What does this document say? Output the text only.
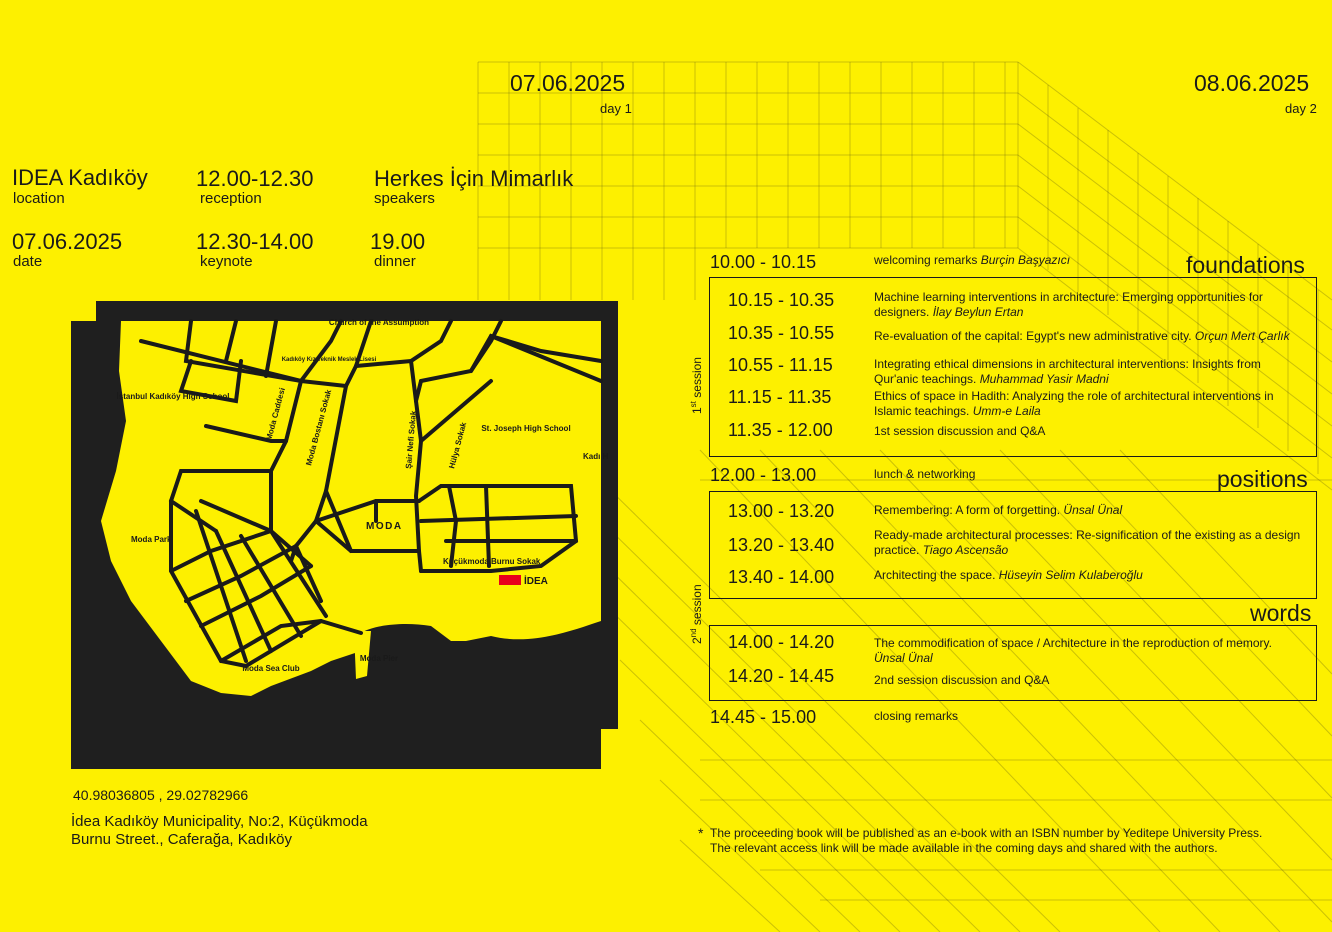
07.06.2025
day 1
08.06.2025
day 2
IDEA Kadıköy
location
12.00-12.30
reception
Herkes İçin Mimarlık
speakers
07.06.2025
date
12.30-14.00
keynote
19.00
dinner
Church of the Assumption
Kadıköy Kız Teknik Meslek Lisesi
İstanbul Kadıköy High School	Moda Caddesi Moda Bostanı Sokak	Şair Nefi Sokak	Hülya Sokak St. Joseph High School
Kadı H
Moda Park
MODA
Küçükmoda Burnu Sokak
İDEA
Moda Sea Club
Moda Pier
40.98036805 , 29.02782966
İdea Kadıköy Municipality, No:2, Küçükmoda
Burnu Street., Caferağa, Kadıköy
foundations
positions
words
1st session
2nd session
10.00 - 10.15	welcoming remarks Burçin Başyazıcı
10.15 - 10.35	Machine learning interventions in architecture: Emerging opportunities for designers. İlay Beylun Ertan
10.35 - 10.55	Re-evaluation of the capital: Egypt's new administrative city. Orçun Mert Çarlık
10.55 - 11.15	Integrating ethical dimensions in architectural interventions: Insights from Qur'anic teachings. Muhammad Yasir Madni
11.15 - 11.35	Ethics of space in Hadith: Analyzing the role of architectural interventions in Islamic teachings. Umm-e Laila
11.35 - 12.00	1st session discussion and Q&A
12.00 - 13.00	lunch & networking
13.00 - 13.20	Remembering: A form of forgetting. Ünsal Ünal
13.20 - 13.40	Ready-made architectural processes: Re-signification of the existing as a design practice. Tiago Ascensão
13.40 - 14.00	Architecting the space. Hüseyin Selim Kulaberoğlu
14.00 - 14.20	The commodification of space / Architecture in the reproduction of memory. Ünsal Ünal
14.20 - 14.45	2nd session discussion and Q&A
14.45 - 15.00	closing remarks
* The proceeding book will be published as an e-book with an ISBN number by Yeditepe University Press.
The relevant access link will be made available in the coming days and shared with the authors.
